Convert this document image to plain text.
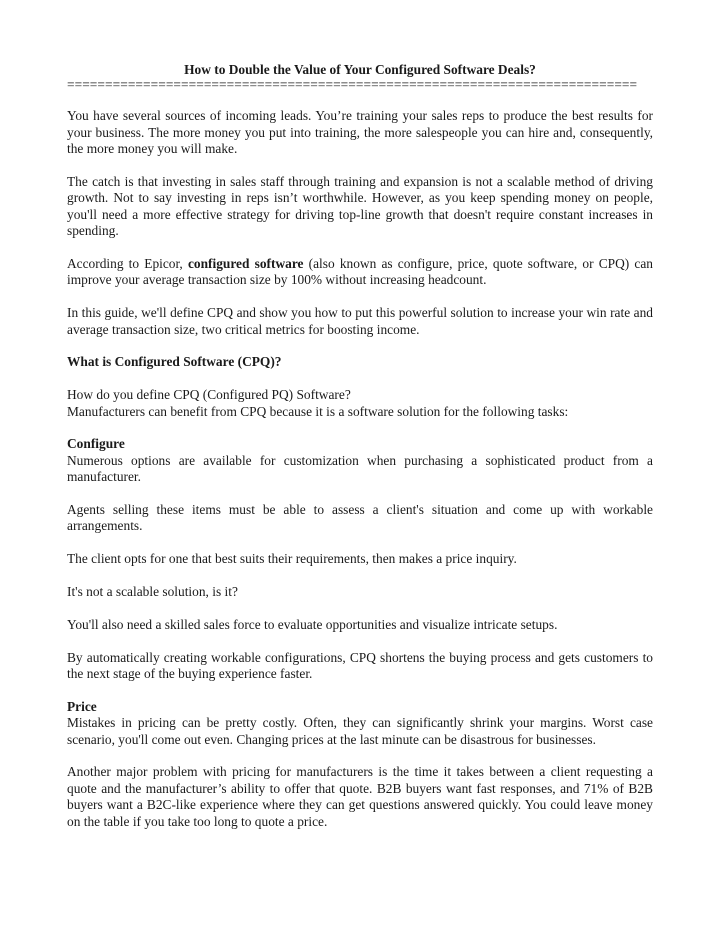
How to Double the Value of Your Configured Software Deals?

===========================================================================

You have several sources of incoming leads. You’re training your sales reps to produce the best results for your business. The more money you put into training, the more salespeople you can hire and, consequently, the more money you will make.

The catch is that investing in sales staff through training and expansion is not a scalable method of driving growth. Not to say investing in reps isn’t worthwhile. However, as you keep spending money on people, you'll need a more effective strategy for driving top-line growth that doesn't require constant increases in spending.

According to Epicor, configured software (also known as configure, price, quote software, or CPQ) can improve your average transaction size by 100% without increasing headcount.

In this guide, we'll define CPQ and show you how to put this powerful solution to increase your win rate and average transaction size, two critical metrics for boosting income.

What is Configured Software (CPQ)?

How do you define CPQ (Configured PQ) Software?

Manufacturers can benefit from CPQ because it is a software solution for the following tasks:

Configure

Numerous options are available for customization when purchasing a sophisticated product from a manufacturer.

Agents selling these items must be able to assess a client's situation and come up with workable arrangements.

The client opts for one that best suits their requirements, then makes a price inquiry.

It's not a scalable solution, is it?

You'll also need a skilled sales force to evaluate opportunities and visualize intricate setups.

By automatically creating workable configurations, CPQ shortens the buying process and gets customers to the next stage of the buying experience faster.

Price

Mistakes in pricing can be pretty costly. Often, they can significantly shrink your margins. Worst case scenario, you'll come out even. Changing prices at the last minute can be disastrous for businesses.

Another major problem with pricing for manufacturers is the time it takes between a client requesting a quote and the manufacturer’s ability to offer that quote. B2B buyers want fast responses, and 71% of B2B buyers want a B2C-like experience where they can get questions answered quickly. You could leave money on the table if you take too long to quote a price.
